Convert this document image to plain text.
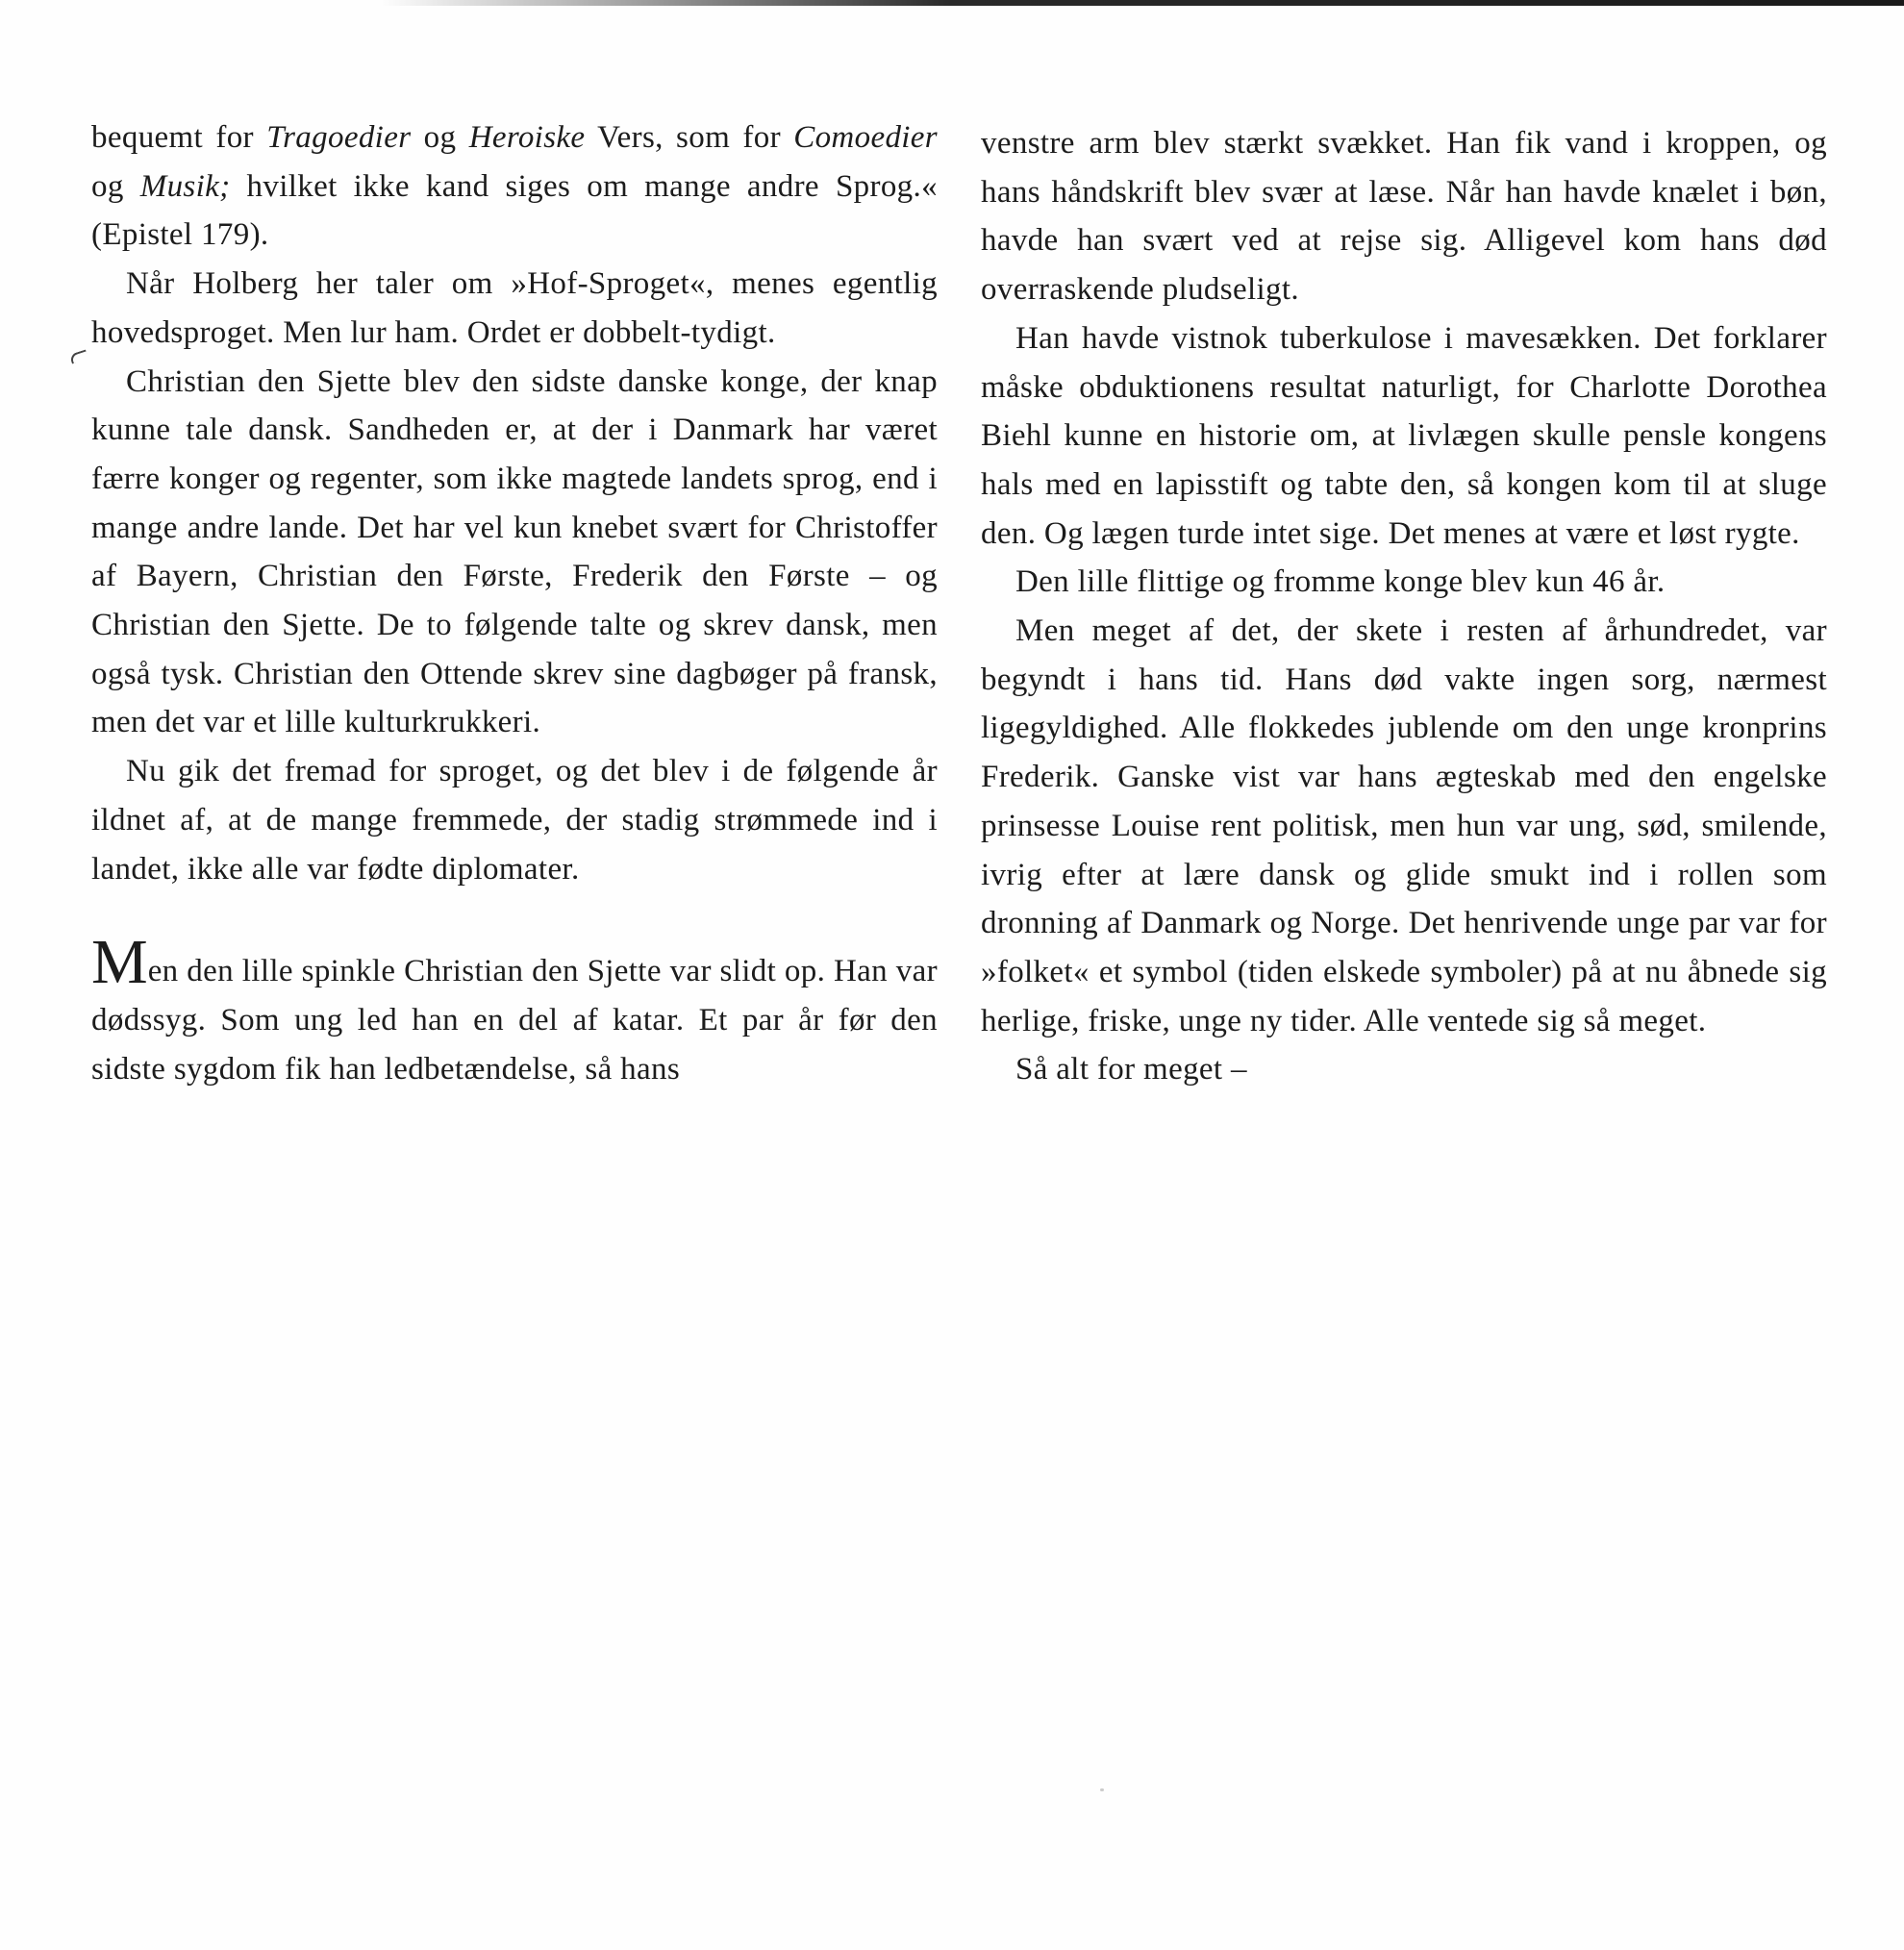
bequemt for Tragoedier og Heroiske Vers, som for Comoedier og Musik; hvilket ikke kand siges om mange andre Sprog.« (Epistel 179).

Når Holberg her taler om »Hof-Sproget«, menes egentlig hovedsproget. Men lur ham. Ordet er dobbelt-tydigt.

Christian den Sjette blev den sidste danske konge, der knap kunne tale dansk. Sandheden er, at der i Danmark har været færre konger og regenter, som ikke magtede landets sprog, end i mange andre lande. Det har vel kun knebet svært for Christoffer af Bayern, Christian den Første, Frederik den Første – og Christian den Sjette. De to følgende talte og skrev dansk, men også tysk. Christian den Ottende skrev sine dagbøger på fransk, men det var et lille kulturkrukkeri.

Nu gik det fremad for sproget, og det blev i de følgende år ildnet af, at de mange fremmede, der stadig strømmede ind i landet, ikke alle var fødte diplomater.

Men den lille spinkle Christian den Sjette var slidt op. Han var dødssyg. Som ung led han en del af katar. Et par år før den sidste sygdom fik han ledbetændelse, så hans

venstre arm blev stærkt svækket. Han fik vand i kroppen, og hans håndskrift blev svær at læse. Når han havde knælet i bøn, havde han svært ved at rejse sig. Alligevel kom hans død overraskende pludseligt.

Han havde vistnok tuberkulose i mavesækken. Det forklarer måske obduktionens resultat naturligt, for Charlotte Dorothea Biehl kunne en historie om, at livlægen skulle pensle kongens hals med en lapisstift og tabte den, så kongen kom til at sluge den. Og lægen turde intet sige. Det menes at være et løst rygte.

Den lille flittige og fromme konge blev kun 46 år.

Men meget af det, der skete i resten af århundredet, var begyndt i hans tid. Hans død vakte ingen sorg, nærmest ligegyldighed. Alle flokkedes jublende om den unge kronprins Frederik. Ganske vist var hans ægteskab med den engelske prinsesse Louise rent politisk, men hun var ung, sød, smilende, ivrig efter at lære dansk og glide smukt ind i rollen som dronning af Danmark og Norge. Det henrivende unge par var for »folket« et symbol (tiden elskede symboler) på at nu åbnede sig herlige, friske, unge ny tider. Alle ventede sig så meget.

Så alt for meget –
